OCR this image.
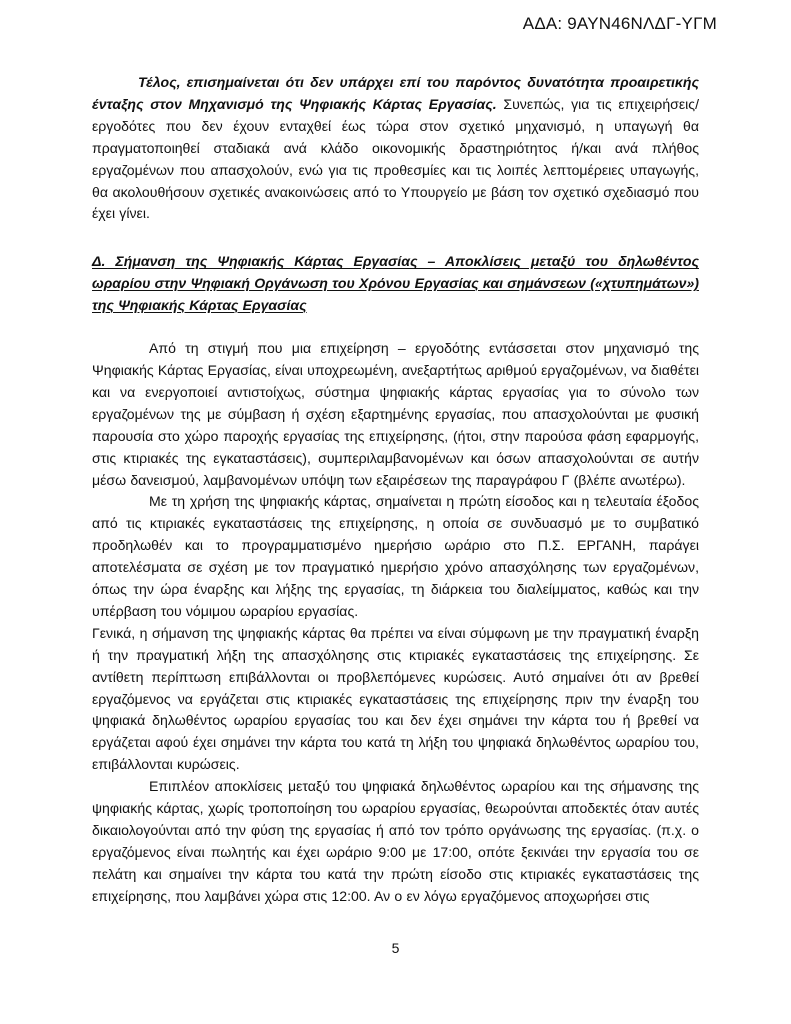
ΑΔΑ: 9ΑΥΝ46ΝΛΔΓ-ΥΓΜ

Τέλος, επισημαίνεται ότι δεν υπάρχει επί του παρόντος δυνατότητα προαιρετικής ένταξης στον Μηχανισμό της Ψηφιακής Κάρτας Εργασίας. Συνεπώς, για τις επιχειρήσεις/εργοδότες που δεν έχουν ενταχθεί έως τώρα στον σχετικό μηχανισμό, η υπαγωγή θα πραγματοποιηθεί σταδιακά ανά κλάδο οικονομικής δραστηριότητος ή/και ανά πλήθος εργαζομένων που απασχολούν, ενώ για τις προθεσμίες και τις λοιπές λεπτομέρειες υπαγωγής, θα ακολουθήσουν σχετικές ανακοινώσεις από το Υπουργείο με βάση τον σχετικό σχεδιασμό που έχει γίνει.

Δ. Σήμανση της Ψηφιακής Κάρτας Εργασίας – Αποκλίσεις μεταξύ του δηλωθέντος ωραρίου στην Ψηφιακή Οργάνωση του Χρόνου Εργασίας και σημάνσεων («χτυπημάτων») της Ψηφιακής Κάρτας Εργασίας

Από τη στιγμή που μια επιχείρηση – εργοδότης εντάσσεται στον μηχανισμό της Ψηφιακής Κάρτας Εργασίας, είναι υποχρεωμένη, ανεξαρτήτως αριθμού εργαζομένων, να διαθέτει και να ενεργοποιεί αντιστοίχως, σύστημα ψηφιακής κάρτας εργασίας για το σύνολο των εργαζομένων της με σύμβαση ή σχέση εξαρτημένης εργασίας, που απασχολούνται με φυσική παρουσία στο χώρο παροχής εργασίας της επιχείρησης, (ήτοι, στην παρούσα φάση εφαρμογής, στις κτιριακές της εγκαταστάσεις), συμπεριλαμβανομένων και όσων απασχολούνται σε αυτήν μέσω δανεισμού, λαμβανομένων υπόψη των εξαιρέσεων της παραγράφου Γ (βλέπε ανωτέρω).

Με τη χρήση της ψηφιακής κάρτας, σημαίνεται η πρώτη είσοδος και η τελευταία έξοδος από τις κτιριακές εγκαταστάσεις της επιχείρησης, η οποία σε συνδυασμό με το συμβατικό προδηλωθέν και το προγραμματισμένο ημερήσιο ωράριο στο Π.Σ. ΕΡΓΑΝΗ, παράγει αποτελέσματα σε σχέση με τον πραγματικό ημερήσιο χρόνο απασχόλησης των εργαζομένων, όπως την ώρα έναρξης και λήξης της εργασίας, τη διάρκεια του διαλείμματος, καθώς και την υπέρβαση του νόμιμου ωραρίου εργασίας.

Γενικά, η σήμανση της ψηφιακής κάρτας θα πρέπει να είναι σύμφωνη με την πραγματική έναρξη ή την πραγματική λήξη της απασχόλησης στις κτιριακές εγκαταστάσεις της επιχείρησης. Σε αντίθετη περίπτωση επιβάλλονται οι προβλεπόμενες κυρώσεις. Αυτό σημαίνει ότι αν βρεθεί εργαζόμενος να εργάζεται στις κτιριακές εγκαταστάσεις της επιχείρησης πριν την έναρξη του ψηφιακά δηλωθέντος ωραρίου εργασίας του και δεν έχει σημάνει την κάρτα του ή βρεθεί να εργάζεται αφού έχει σημάνει την κάρτα του κατά τη λήξη του ψηφιακά δηλωθέντος ωραρίου του, επιβάλλονται κυρώσεις.

Επιπλέον αποκλίσεις μεταξύ του ψηφιακά δηλωθέντος ωραρίου και της σήμανσης της ψηφιακής κάρτας, χωρίς τροποποίηση του ωραρίου εργασίας, θεωρούνται αποδεκτές όταν αυτές δικαιολογούνται από την φύση της εργασίας ή από τον τρόπο οργάνωσης της εργασίας. (π.χ. ο εργαζόμενος είναι πωλητής και έχει ωράριο 9:00 με 17:00, οπότε ξεκινάει την εργασία του σε πελάτη και σημαίνει την κάρτα του κατά την πρώτη είσοδο στις κτιριακές εγκαταστάσεις της επιχείρησης, που λαμβάνει χώρα στις 12:00. Αν ο εν λόγω εργαζόμενος αποχωρήσει στις

5
